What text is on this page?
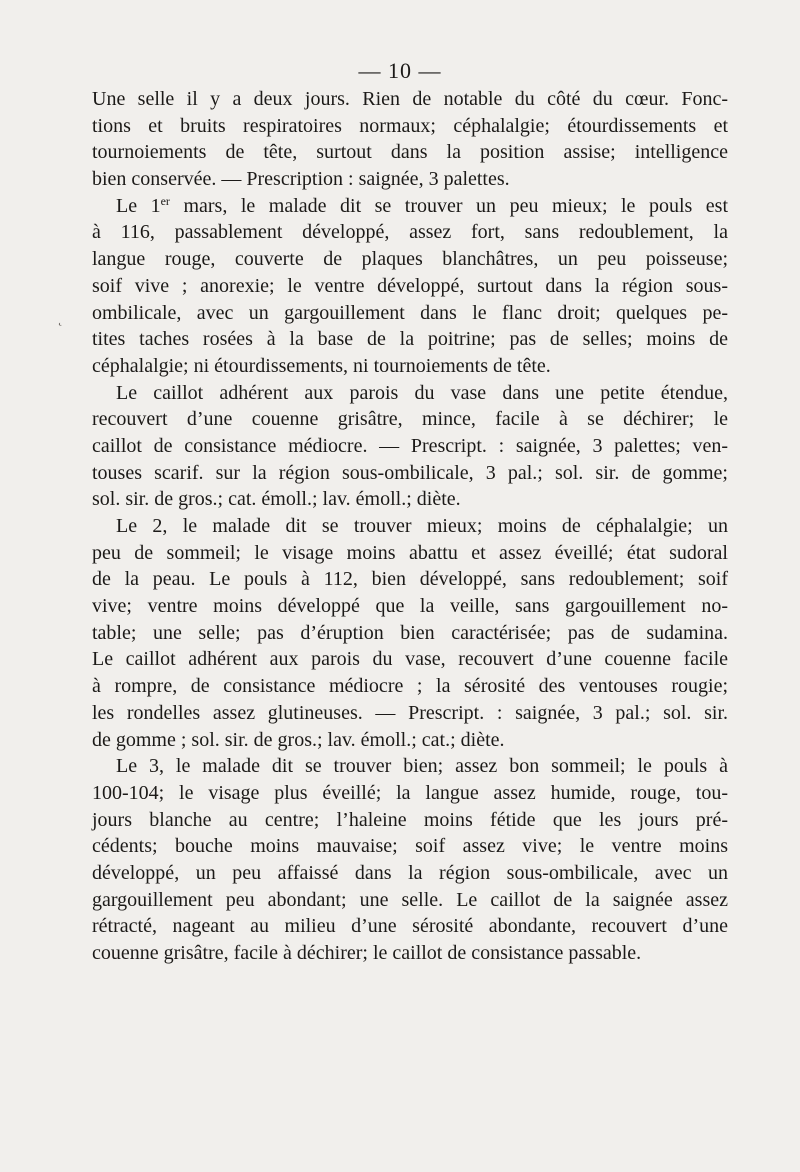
— 10 —
˛
Une selle il y a deux jours. Rien de notable du côté du cœur. Fonc-
tions et bruits respiratoires normaux; céphalalgie; étourdissements et
tournoiements de tête, surtout dans la position assise; intelligence
bien conservée. — Prescription : saignée, 3 palettes.
Le 1er mars, le malade dit se trouver un peu mieux; le pouls est
à 116, passablement développé, assez fort, sans redoublement, la
langue rouge, couverte de plaques blanchâtres, un peu poisseuse;
soif vive ; anorexie; le ventre développé, surtout dans la région sous-
ombilicale, avec un gargouillement dans le flanc droit; quelques pe-
tites taches rosées à la base de la poitrine; pas de selles; moins de
céphalalgie; ni étourdissements, ni tournoiements de tête.
Le caillot adhérent aux parois du vase dans une petite étendue,
recouvert d’une couenne grisâtre, mince, facile à se déchirer; le
caillot de consistance médiocre. — Prescript. : saignée, 3 palettes; ven-
touses scarif. sur la région sous-ombilicale, 3 pal.; sol. sir. de gomme;
sol. sir. de gros.; cat. émoll.; lav. émoll.; diète.
Le 2, le malade dit se trouver mieux; moins de céphalalgie; un
peu de sommeil; le visage moins abattu et assez éveillé; état sudoral
de la peau. Le pouls à 112, bien développé, sans redoublement; soif
vive; ventre moins développé que la veille, sans gargouillement no-
table; une selle; pas d’éruption bien caractérisée; pas de sudamina.
Le caillot adhérent aux parois du vase, recouvert d’une couenne facile
à rompre, de consistance médiocre ; la sérosité des ventouses rougie;
les rondelles assez glutineuses. — Prescript. : saignée, 3 pal.; sol. sir.
de gomme ; sol. sir. de gros.; lav. émoll.; cat.; diète.
Le 3, le malade dit se trouver bien; assez bon sommeil; le pouls à
100-104; le visage plus éveillé; la langue assez humide, rouge, tou-
jours blanche au centre; l’haleine moins fétide que les jours pré-
cédents; bouche moins mauvaise; soif assez vive; le ventre moins
développé, un peu affaissé dans la région sous-ombilicale, avec un
gargouillement peu abondant; une selle. Le caillot de la saignée assez
rétracté, nageant au milieu d’une sérosité abondante, recouvert d’une
couenne grisâtre, facile à déchirer; le caillot de consistance passable.
